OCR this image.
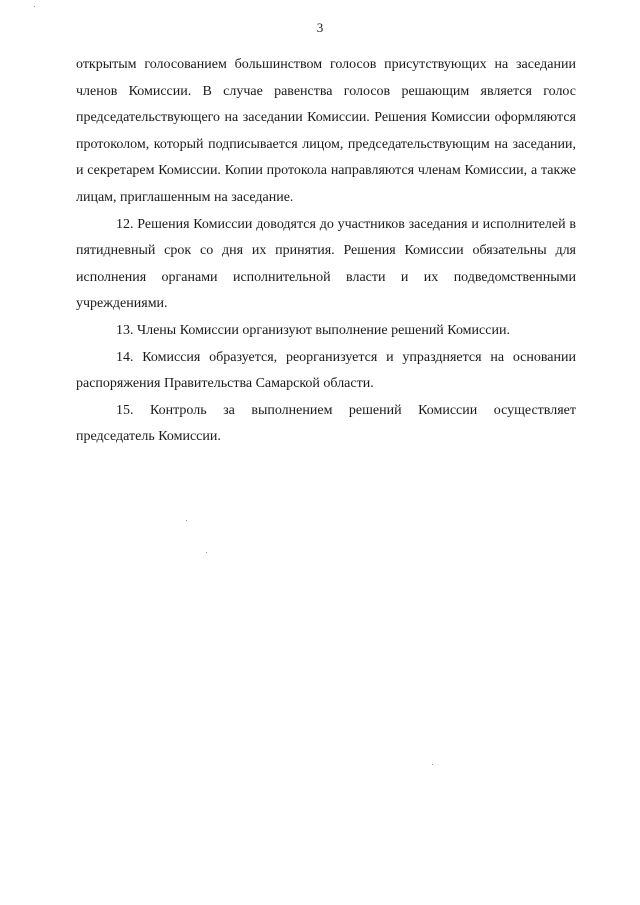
3

открытым голосованием большинством голосов присутствующих на заседании членов Комиссии. В случае равенства голосов решающим является голос председательствующего на заседании Комиссии. Решения Комиссии оформляются протоколом, который подписывается лицом, председательствующим на заседании, и секретарем Комиссии. Копии протокола направляются членам Комиссии, а также лицам, приглашенным на заседание.

12. Решения Комиссии доводятся до участников заседания и исполнителей в пятидневный срок со дня их принятия. Решения Комиссии обязательны для исполнения органами исполнительной власти и их подведомственными учреждениями.

13. Члены Комиссии организуют выполнение решений Комиссии.

14. Комиссия образуется, реорганизуется и упраздняется на основании распоряжения Правительства Самарской области.

15. Контроль за выполнением решений Комиссии осуществляет председатель Комиссии.
